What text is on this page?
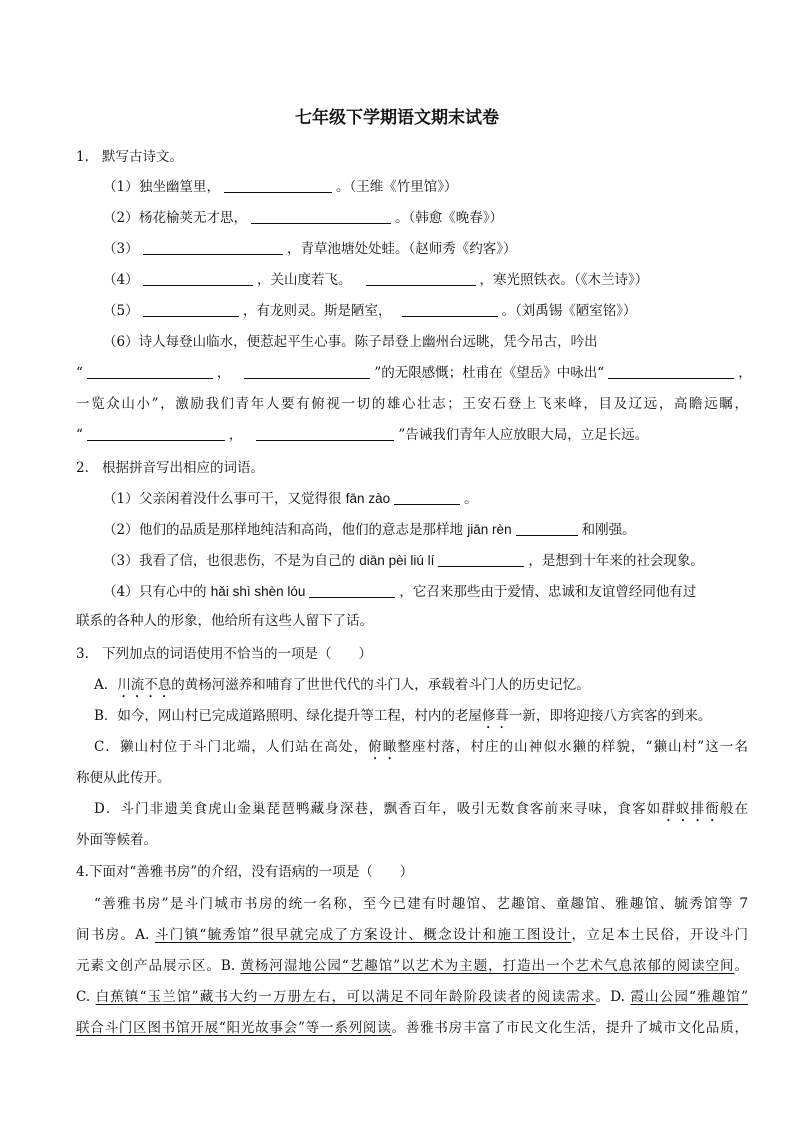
七年级下学期语文期末试卷
1. 默写古诗文。
（1）独坐幽篁里，	。（王维《竹里馆》）
（2）杨花榆荚无才思，	。（韩愈《晚春》）
（3）	，青草池塘处处蛙。（赵师秀《约客》）
（4）	，关山度若飞。	，寒光照铁衣。（《木兰诗》）
（5）	，有龙则灵。斯是陋室，	。（刘禹锡《陋室铭》）
（6）诗人每登山临水，便惹起平生心事。陈子昂登上幽州台远眺，凭今吊古，吟出
“	，	”的无限感慨；杜甫在《望岳》中咏出“	，
一览众山小”，激励我们青年人要有俯视一切的雄心壮志；王安石登上飞来峰，目及辽远，高瞻远瞩，
“	，	”告诫我们青年人应放眼大局，立足长远。
2. 根据拼音写出相应的词语。
（1）父亲闲着没什么事可干，又觉得很 fān zào	。
（2）他们的品质是那样地纯洁和高尚，他们的意志是那样地 jiān rèn	和刚强。
（3）我看了信，也很悲伤，不是为自己的 diān pèi liú lí	，是想到十年来的社会现象。
（4）只有心中的 hǎi shì shèn lóu	，它召来那些由于爱情、忠诚和友谊曾经同他有过
联系的各种人的形象，他给所有这些人留下了话。
3. 下列加点的词语使用不恰当的一项是（　　）
A．川流不息的黄杨河滋养和哺育了世世代代的斗门人，承载着斗门人的历史记忆。
B．如今，网山村已完成道路照明、绿化提升等工程，村内的老屋修葺一新，即将迎接八方宾客的到来。
C．獭山村位于斗门北端，人们站在高处，俯瞰整座村落，村庄的山神似水獭的样貌，“獭山村”这一名
称便从此传开。
D．斗门非遗美食虎山金巢琵琶鸭藏身深巷，飘香百年，吸引无数食客前来寻味，食客如群蚁排衙般在
外面等候着。
4.下面对“善雅书房”的介绍，没有语病的一项是（　　）
“善雅书房”是斗门城市书房的统一名称，至今已建有时趣馆、艺趣馆、童趣馆、雅趣馆、毓秀馆等 7
间书房。A. 斗门镇“毓秀馆”很早就完成了方案设计、概念设计和施工图设计，立足本土民俗，开设斗门
元素文创产品展示区。B. 黄杨河湿地公园“艺趣馆”以艺术为主题，打造出一个艺术气息浓郁的阅读空间。
C. 白蕉镇“玉兰馆”藏书大约一万册左右，可以满足不同年龄阶段读者的阅读需求。D. 霞山公园“雅趣馆”
联合斗门区图书馆开展“阳光故事会”等一系列阅读。善雅书房丰富了市民文化生活，提升了城市文化品质，
